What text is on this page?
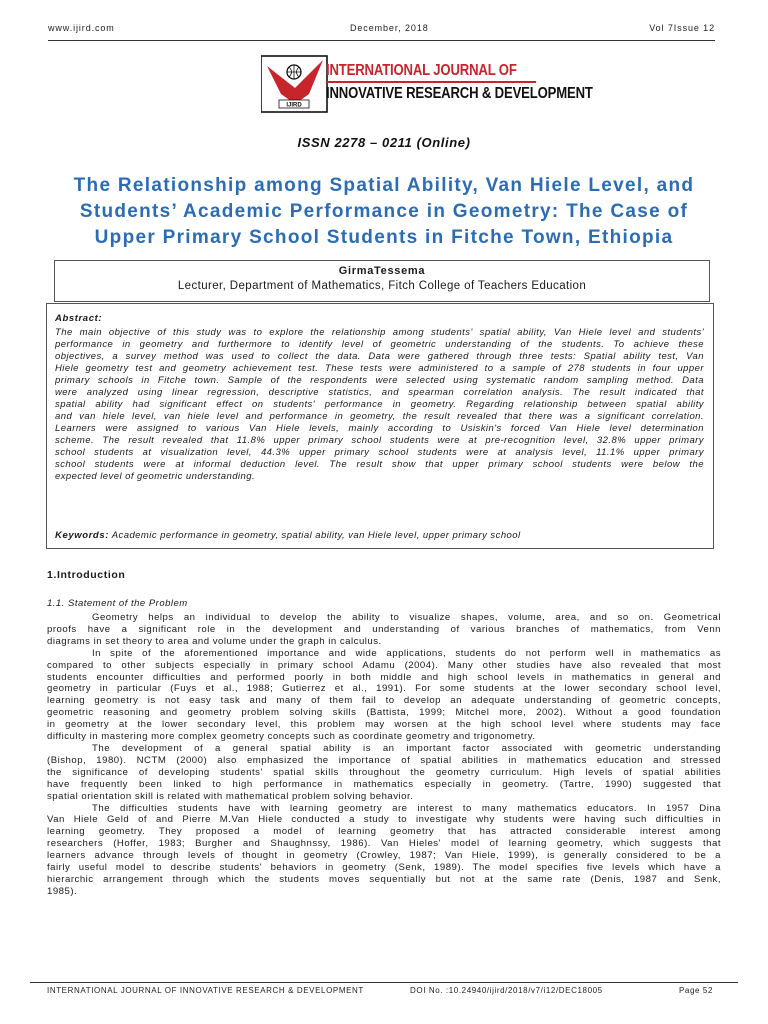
www.ijird.com	December, 2018	Vol 7Issue 12
IJIRD
INTERNATIONAL JOURNAL OF
INNOVATIVE RESEARCH & DEVELOPMENT
ISSN 2278 – 0211 (Online)
The Relationship among Spatial Ability, Van Hiele Level, and
Students’ Academic Performance in Geometry: The Case of
Upper Primary School Students in Fitche Town, Ethiopia
GirmaTessema
Lecturer, Department of Mathematics, Fitch College of Teachers Education
Abstract:
The main objective of this study was to explore the relationship among students' spatial ability, Van Hiele level and students'
performance in geometry and furthermore to identify level of geometric understanding of the students. To achieve these
objectives, a survey method was used to collect the data. Data were gathered through three tests: Spatial ability test, Van
Hiele geometry test and geometry achievement test. These tests were administered to a sample of 278 students in four upper
primary schools in Fitche town. Sample of the respondents were selected using systematic random sampling method. Data
were analyzed using linear regression, descriptive statistics, and spearman correlation analysis. The result indicated that
spatial ability had significant effect on students' performance in geometry. Regarding relationship between spatial ability
and van hiele level, van hiele level and performance in geometry, the result revealed that there was a significant correlation.
Learners were assigned to various Van Hiele levels, mainly according to Usiskin's forced Van Hiele level determination
scheme. The result revealed that 11.8% upper primary school students were at pre-recognition level, 32.8% upper primary
school students at visualization level, 44.3% upper primary school students were at analysis level, 11.1% upper primary
school students were at informal deduction level. The result show that upper primary school students were below the
expected level of geometric understanding.
Keywords: Academic performance in geometry, spatial ability, van Hiele level, upper primary school
1.Introduction
1.1. Statement of the Problem
Geometry helps an individual to develop the ability to visualize shapes, volume, area, and so on. Geometrical
proofs have a significant role in the development and understanding of various branches of mathematics, from Venn
diagrams in set theory to area and volume under the graph in calculus.
In spite of the aforementioned importance and wide applications, students do not perform well in mathematics as
compared to other subjects especially in primary school Adamu (2004). Many other studies have also revealed that most
students encounter difficulties and performed poorly in both middle and high school levels in mathematics in general and
geometry in particular (Fuys et al., 1988; Gutierrez et al., 1991). For some students at the lower secondary school level,
learning geometry is not easy task and many of them fail to develop an adequate understanding of geometric concepts,
geometric reasoning and geometry problem solving skills (Battista, 1999; Mitchel more, 2002). Without a good foundation
in geometry at the lower secondary level, this problem may worsen at the high school level where students may face
difficulty in mastering more complex geometry concepts such as coordinate geometry and trigonometry.
The development of a general spatial ability is an important factor associated with geometric understanding
(Bishop, 1980). NCTM (2000) also emphasized the importance of spatial abilities in mathematics education and stressed
the significance of developing students' spatial skills throughout the geometry curriculum. High levels of spatial abilities
have frequently been linked to high performance in mathematics especially in geometry. (Tartre, 1990) suggested that
spatial orientation skill is related with mathematical problem solving behavior.
The difficulties students have with learning geometry are interest to many mathematics educators. In 1957 Dina
Van Hiele Geld of and Pierre M.Van Hiele conducted a study to investigate why students were having such difficulties in
learning geometry. They proposed a model of learning geometry that has attracted considerable interest among
researchers (Hoffer, 1983; Burgher and Shaughnssy, 1986). Van Hieles' model of learning geometry, which suggests that
learners advance through levels of thought in geometry (Crowley, 1987; Van Hiele, 1999), is generally considered to be a
fairly useful model to describe students' behaviors in geometry (Senk, 1989). The model specifies five levels which have a
hierarchic arrangement through which the students moves sequentially but not at the same rate (Denis, 1987 and Senk,
1985).
INTERNATIONAL JOURNAL OF INNOVATIVE RESEARCH & DEVELOPMENT	DOI No. :10.24940/ijird/2018/v7/i12/DEC18005	Page 52
